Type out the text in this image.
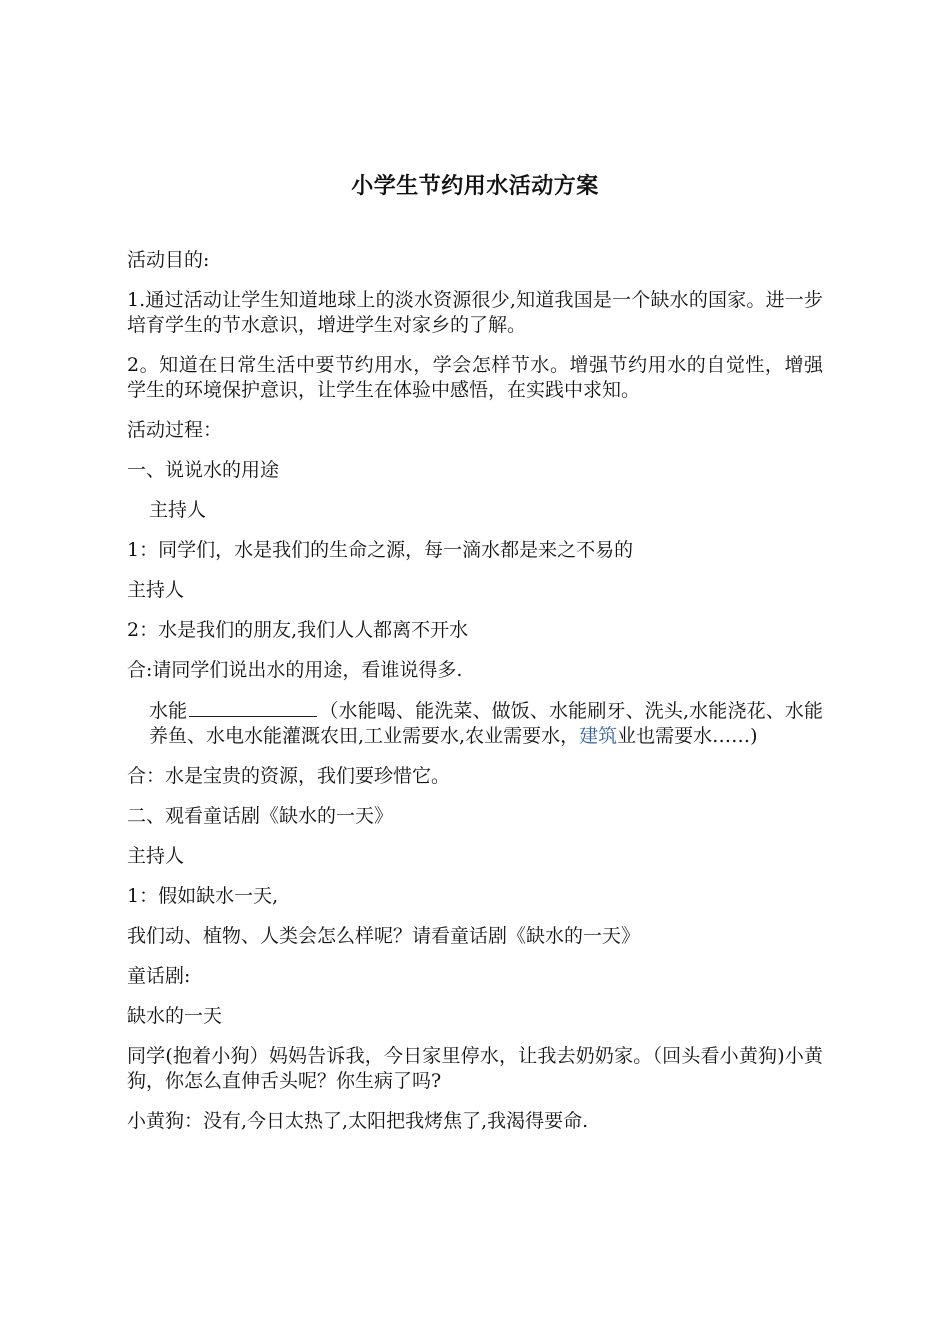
小学生节约用水活动方案

活动目的:

1.通过活动让学生知道地球上的淡水资源很少,知道我国是一个缺水的国家。进一步培育学生的节水意识，增进学生对家乡的了解。

2。知道在日常生活中要节约用水，学会怎样节水。增强节约用水的自觉性，增强学生的环境保护意识，让学生在体验中感悟，在实践中求知。

活动过程：

一、说说水的用途

主持人

1：同学们，水是我们的生命之源，每一滴水都是来之不易的

主持人

2：水是我们的朋友,我们人人都离不开水

合:请同学们说出水的用途，看谁说得多.

水能	（水能喝、能洗菜、做饭、水能刷牙、洗头,水能浇花、水能养鱼、水电水能灌溉农田,工业需要水,农业需要水，建筑业也需要水……)

合：水是宝贵的资源，我们要珍惜它。

二、观看童话剧《缺水的一天》

主持人

1：假如缺水一天,

我们动、植物、人类会怎么样呢？请看童话剧《缺水的一天》

童话剧:

缺水的一天

同学(抱着小狗）妈妈告诉我，今日家里停水，让我去奶奶家。（回头看小黄狗)小黄狗，你怎么直伸舌头呢？你生病了吗?

小黄狗：没有,今日太热了,太阳把我烤焦了,我渴得要命.
